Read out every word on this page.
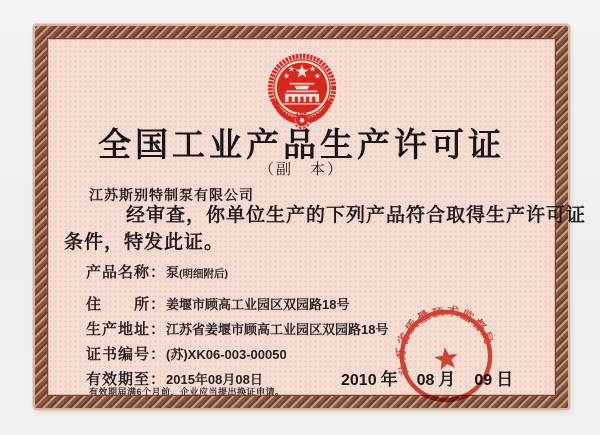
全国工业产品生产许可证
（副　本）
江苏斯别特制泵有限公司
经审查，你单位生产的下列产品符合取得生产许可证
条件，特发此证。
产品名称：泵(明细附后)
住　　所：姜堰市顾高工业园区双园路18号
生产地址：江苏省姜堰市顾高工业园区双园路18号
证书编号：(苏)XK06-003-00050
有效期至：2015年08月08日
有效期届满6个月前，企业应当提出换证申请。
2010 年 08 月 09 日
江苏省质量技术监督局
